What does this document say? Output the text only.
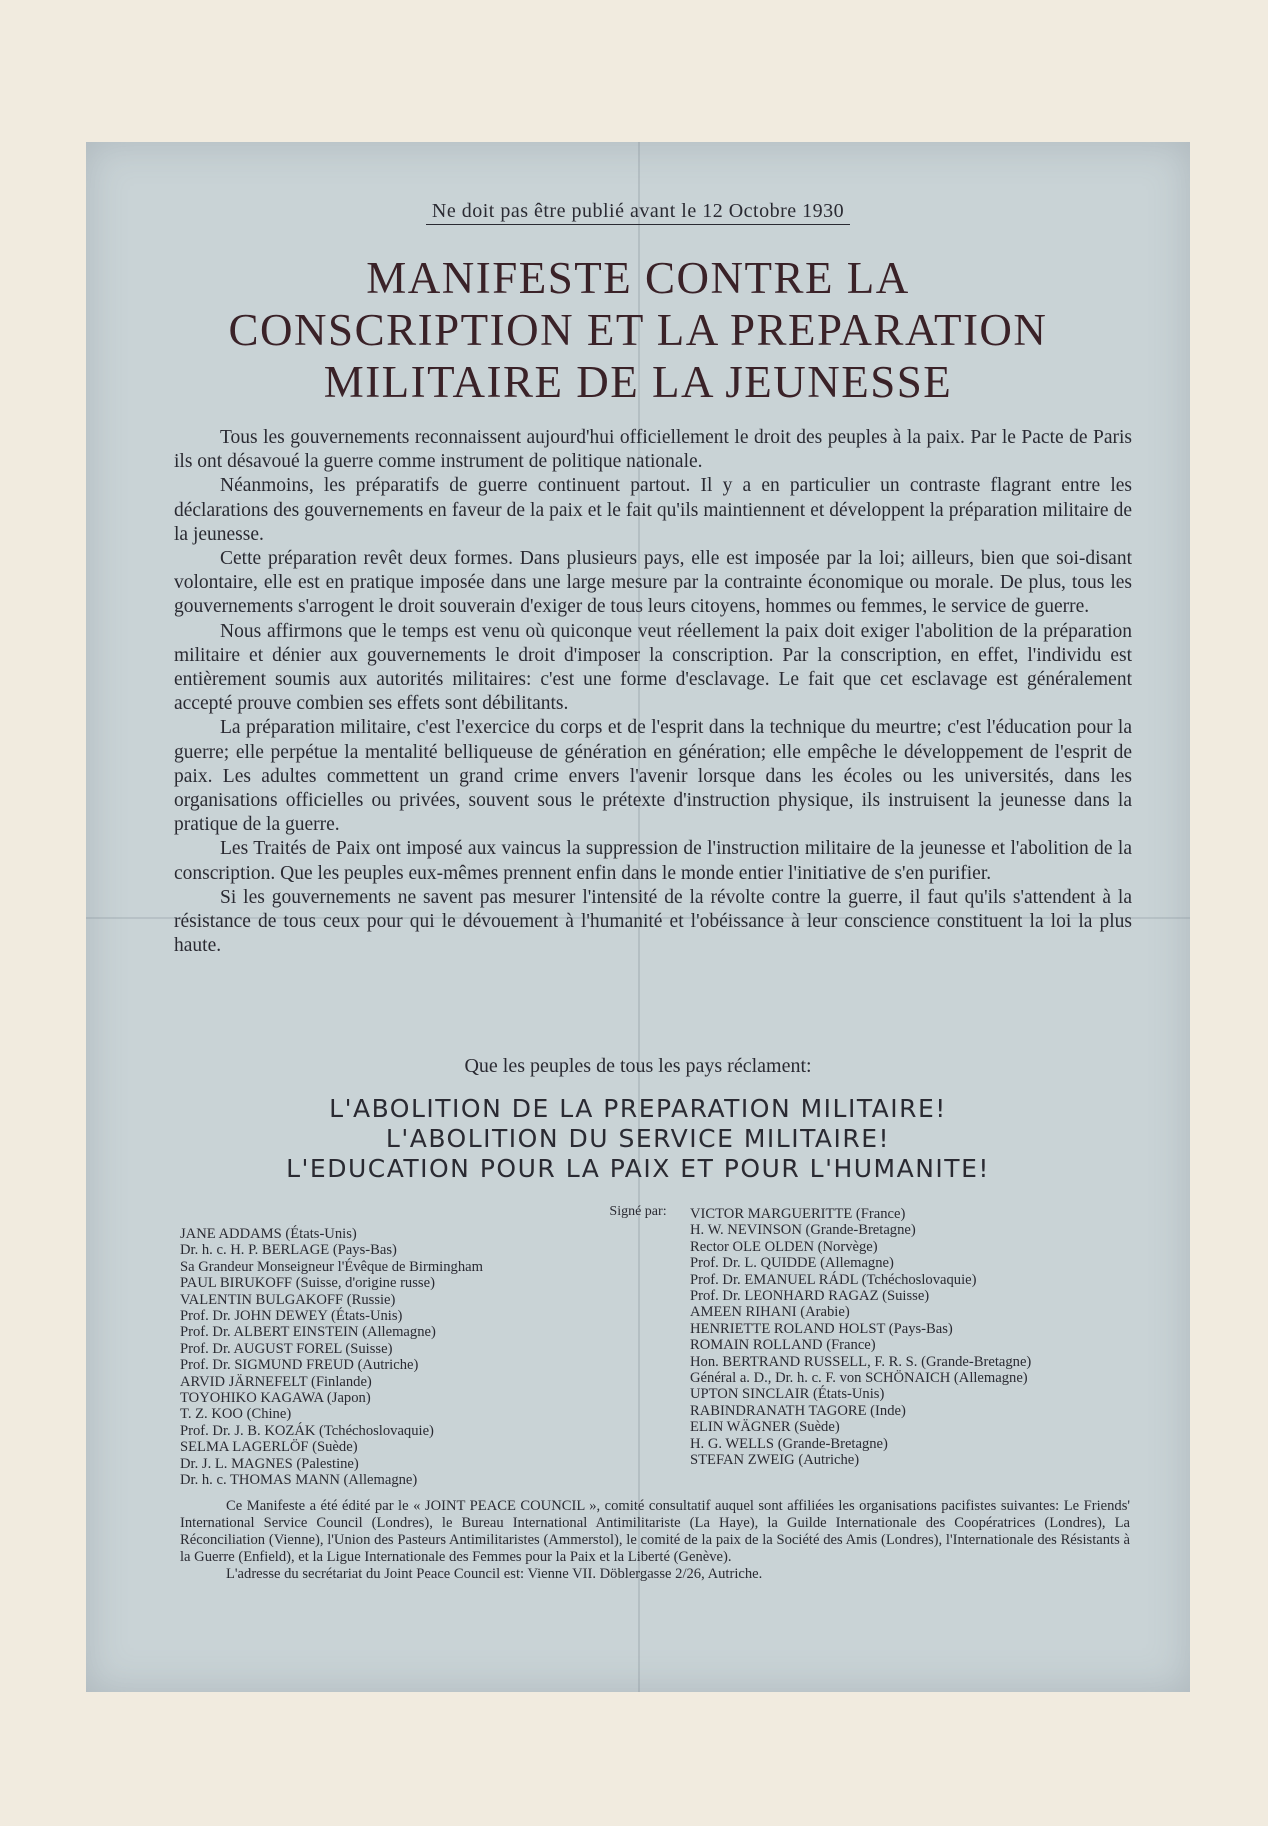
Ne doit pas être publié avant le 12 Octobre 1930
MANIFESTE CONTRE LA
CONSCRIPTION ET LA PREPARATION
MILITAIRE DE LA JEUNESSE

Tous les gouvernements reconnaissent aujourd'hui officiellement le droit des peuples à la paix. Par le Pacte de Paris ils ont désavoué la guerre comme instrument de politique nationale.

Néanmoins, les préparatifs de guerre continuent partout. Il y a en particulier un contraste flagrant entre les déclarations des gouvernements en faveur de la paix et le fait qu'ils maintiennent et développent la préparation militaire de la jeunesse.

Cette préparation revêt deux formes. Dans plusieurs pays, elle est imposée par la loi; ailleurs, bien que soi-disant volontaire, elle est en pratique imposée dans une large mesure par la contrainte économique ou morale. De plus, tous les gouvernements s'arrogent le droit souverain d'exiger de tous leurs citoyens, hommes ou femmes, le service de guerre.

Nous affirmons que le temps est venu où quiconque veut réellement la paix doit exiger l'abolition de la préparation militaire et dénier aux gouvernements le droit d'imposer la conscription. Par la conscription, en effet, l'individu est entièrement soumis aux autorités militaires: c'est une forme d'esclavage. Le fait que cet esclavage est généralement accepté prouve combien ses effets sont débilitants.

La préparation militaire, c'est l'exercice du corps et de l'esprit dans la technique du meurtre; c'est l'éducation pour la guerre; elle perpétue la mentalité belliqueuse de génération en génération; elle empêche le développement de l'esprit de paix. Les adultes commettent un grand crime envers l'avenir lorsque dans les écoles ou les universités, dans les organisations officielles ou privées, souvent sous le prétexte d'instruction physique, ils instruisent la jeunesse dans la pratique de la guerre.

Les Traités de Paix ont imposé aux vaincus la suppression de l'instruction militaire de la jeunesse et l'abolition de la conscription. Que les peuples eux-mêmes prennent enfin dans le monde entier l'initiative de s'en purifier.

Si les gouvernements ne savent pas mesurer l'intensité de la révolte contre la guerre, il faut qu'ils s'attendent à la résistance de tous ceux pour qui le dévouement à l'humanité et l'obéissance à leur conscience constituent la loi la plus haute.

Que les peuples de tous les pays réclament:
L'ABOLITION DE LA PREPARATION MILITAIRE!
L'ABOLITION DU SERVICE MILITAIRE!
L'EDUCATION POUR LA PAIX ET POUR L'HUMANITE!
Signé par:
JANE ADDAMS (États-Unis)
Dr. h. c. H. P. BERLAGE (Pays-Bas)
Sa Grandeur Monseigneur l'Évêque de Birmingham
PAUL BIRUKOFF (Suisse, d'origine russe)
VALENTIN BULGAKOFF (Russie)
Prof. Dr. JOHN DEWEY (États-Unis)
Prof. Dr. ALBERT EINSTEIN (Allemagne)
Prof. Dr. AUGUST FOREL (Suisse)
Prof. Dr. SIGMUND FREUD (Autriche)
ARVID JÄRNEFELT (Finlande)
TOYOHIKO KAGAWA (Japon)
T. Z. KOO (Chine)
Prof. Dr. J. B. KOZÁK (Tchéchoslovaquie)
SELMA LAGERLÖF (Suède)
Dr. J. L. MAGNES (Palestine)
Dr. h. c. THOMAS MANN (Allemagne)
VICTOR MARGUERITTE (France)
H. W. NEVINSON (Grande-Bretagne)
Rector OLE OLDEN (Norvège)
Prof. Dr. L. QUIDDE (Allemagne)
Prof. Dr. EMANUEL RÁDL (Tchéchoslovaquie)
Prof. Dr. LEONHARD RAGAZ (Suisse)
AMEEN RIHANI (Arabie)
HENRIETTE ROLAND HOLST (Pays-Bas)
ROMAIN ROLLAND (France)
Hon. BERTRAND RUSSELL, F. R. S. (Grande-Bretagne)
Général a. D., Dr. h. c. F. von SCHÖNAICH (Allemagne)
UPTON SINCLAIR (États-Unis)
RABINDRANATH TAGORE (Inde)
ELIN WÄGNER (Suède)
H. G. WELLS (Grande-Bretagne)
STEFAN ZWEIG (Autriche)

Ce Manifeste a été édité par le « JOINT PEACE COUNCIL », comité consultatif auquel sont affiliées les organisations pacifistes suivantes: Le Friends' International Service Council (Londres), le Bureau International Antimilitariste (La Haye), la Guilde Internationale des Coopératrices (Londres), La Réconciliation (Vienne), l'Union des Pasteurs Antimilitaristes (Ammerstol), le comité de la paix de la Société des Amis (Londres), l'Internationale des Résistants à la Guerre (Enfield), et la Ligue Internationale des Femmes pour la Paix et la Liberté (Genève).

L'adresse du secrétariat du Joint Peace Council est: Vienne VII. Döblergasse 2/26, Autriche.
